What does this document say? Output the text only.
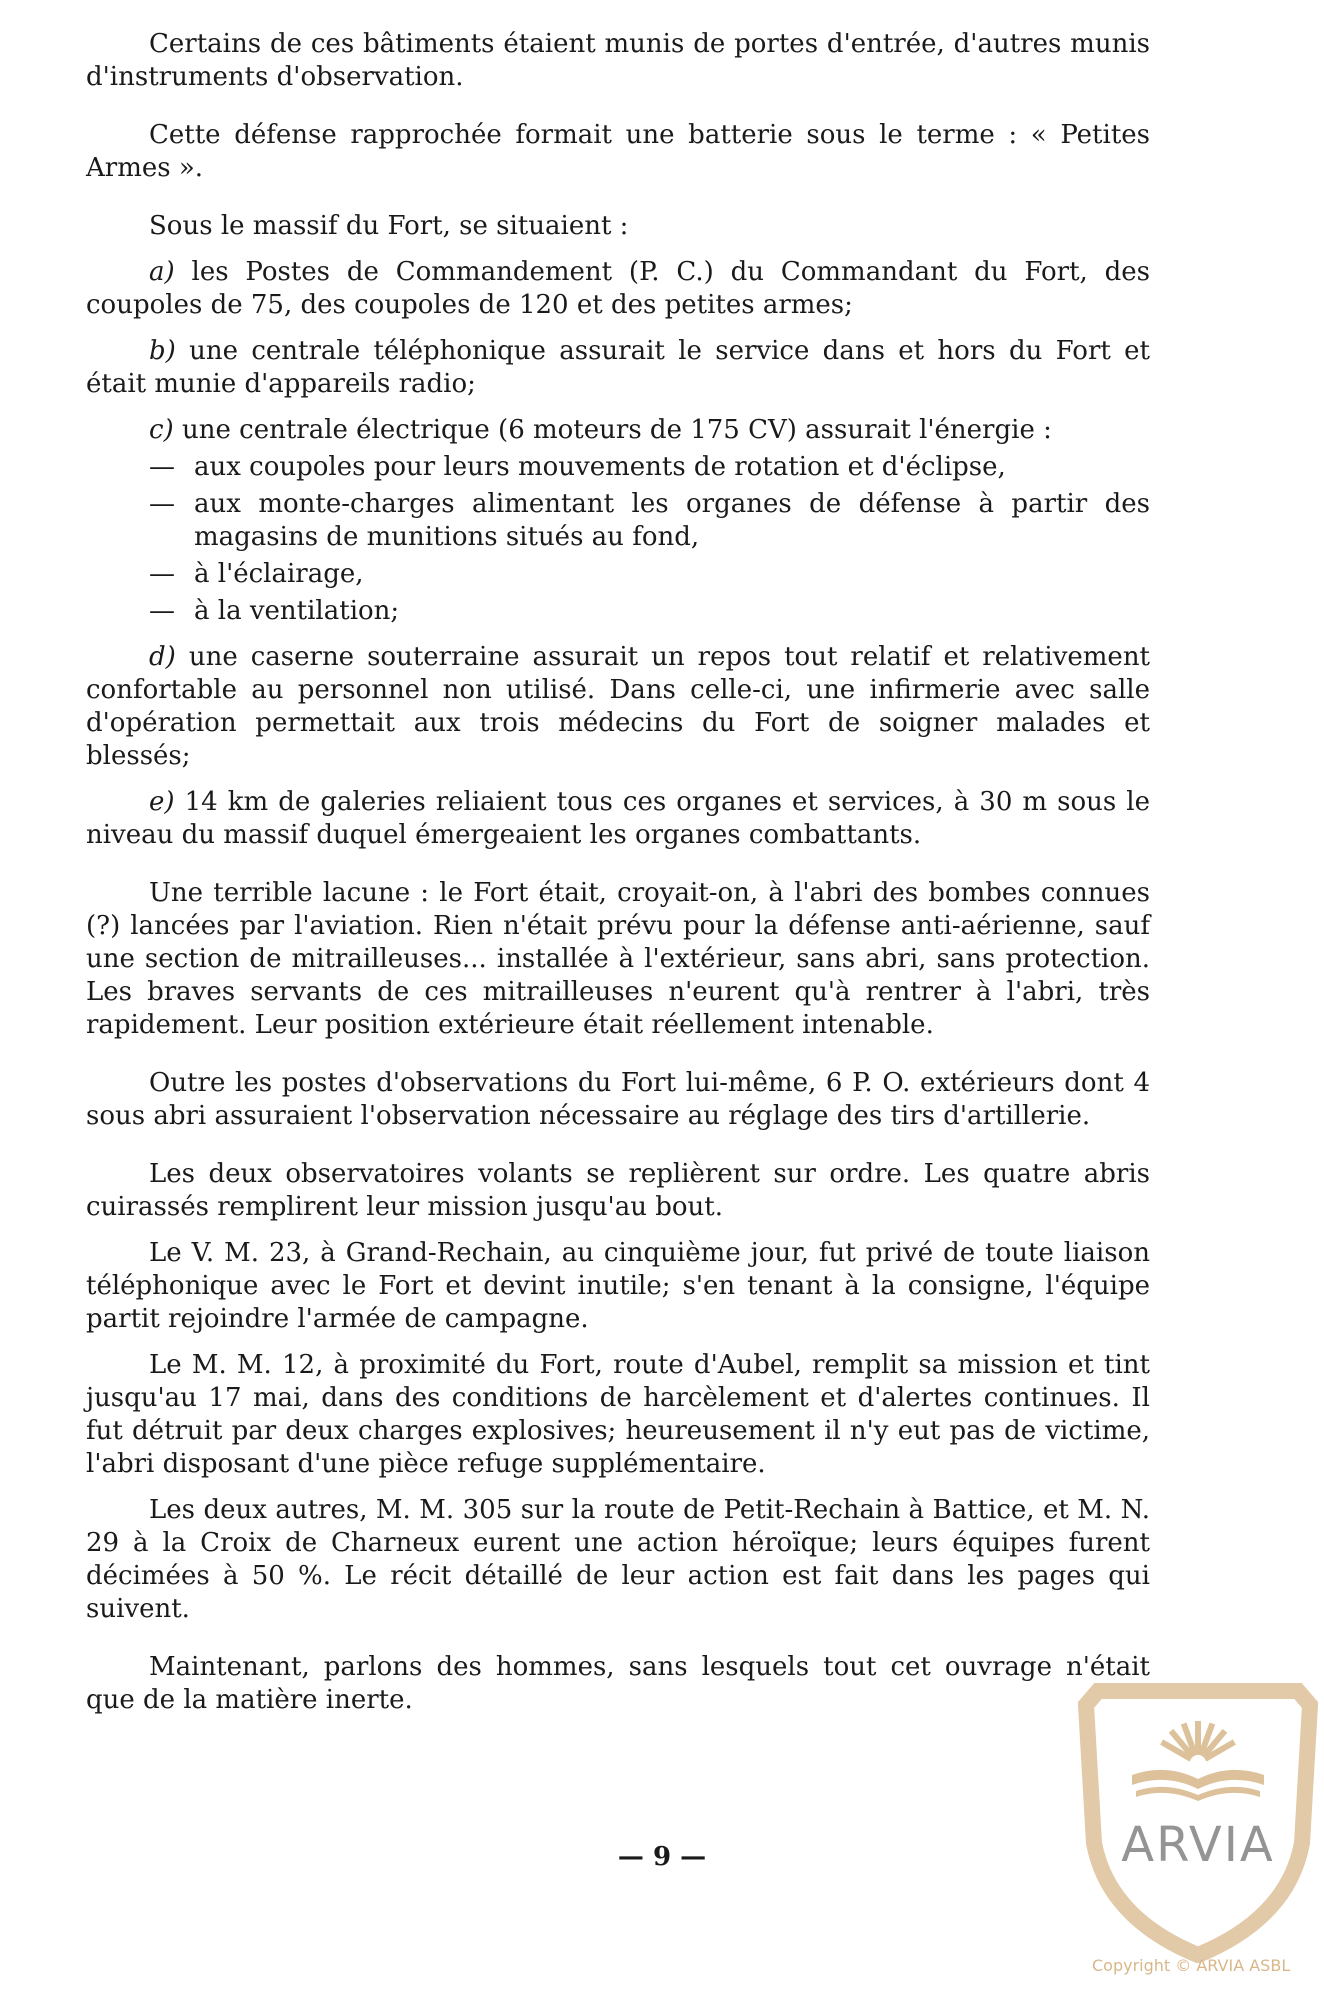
Certains de ces bâtiments étaient munis de portes d'entrée, d'autres munis d'instruments d'observation.

Cette défense rapprochée formait une batterie sous le terme : « Petites Armes ».

Sous le massif du Fort, se situaient :

a) les Postes de Commandement (P. C.) du Commandant du Fort, des coupoles de 75, des coupoles de 120 et des petites armes;

b) une centrale téléphonique assurait le service dans et hors du Fort et était munie d'appareils radio;

c) une centrale électrique (6 moteurs de 175 CV) assurait l'énergie :

— aux coupoles pour leurs mouvements de rotation et d'éclipse,
— aux monte-charges alimentant les organes de défense à partir des magasins de munitions situés au fond,
— à l'éclairage,
— à la ventilation;

d) une caserne souterraine assurait un repos tout relatif et relativement confortable au personnel non utilisé. Dans celle-ci, une infirmerie avec salle d'opération permettait aux trois médecins du Fort de soigner malades et blessés;

e) 14 km de galeries reliaient tous ces organes et services, à 30 m sous le niveau du massif duquel émergeaient les organes combattants.

Une terrible lacune : le Fort était, croyait-on, à l'abri des bombes connues (?) lancées par l'aviation. Rien n'était prévu pour la défense anti-aérienne, sauf une section de mitrailleuses... installée à l'extérieur, sans abri, sans protection. Les braves servants de ces mitrailleuses n'eurent qu'à rentrer à l'abri, très rapidement. Leur position extérieure était réellement intenable.

Outre les postes d'observations du Fort lui-même, 6 P. O. extérieurs dont 4 sous abri assuraient l'observation nécessaire au réglage des tirs d'artillerie.

Les deux observatoires volants se replièrent sur ordre. Les quatre abris cuirassés remplirent leur mission jusqu'au bout.

Le V. M. 23, à Grand-Rechain, au cinquième jour, fut privé de toute liaison téléphonique avec le Fort et devint inutile; s'en tenant à la consigne, l'équipe partit rejoindre l'armée de campagne.

Le M. M. 12, à proximité du Fort, route d'Aubel, remplit sa mission et tint jusqu'au 17 mai, dans des conditions de harcèlement et d'alertes continues. Il fut détruit par deux charges explosives; heureusement il n'y eut pas de victime, l'abri disposant d'une pièce refuge supplémentaire.

Les deux autres, M. M. 305 sur la route de Petit-Rechain à Battice, et M. N. 29 à la Croix de Charneux eurent une action héroïque; leurs équipes furent décimées à 50 %. Le récit détaillé de leur action est fait dans les pages qui suivent.

Maintenant, parlons des hommes, sans lesquels tout cet ouvrage n'était que de la matière inerte.

— 9 —	ARVIA
Copyright © ARVIA ASBL
